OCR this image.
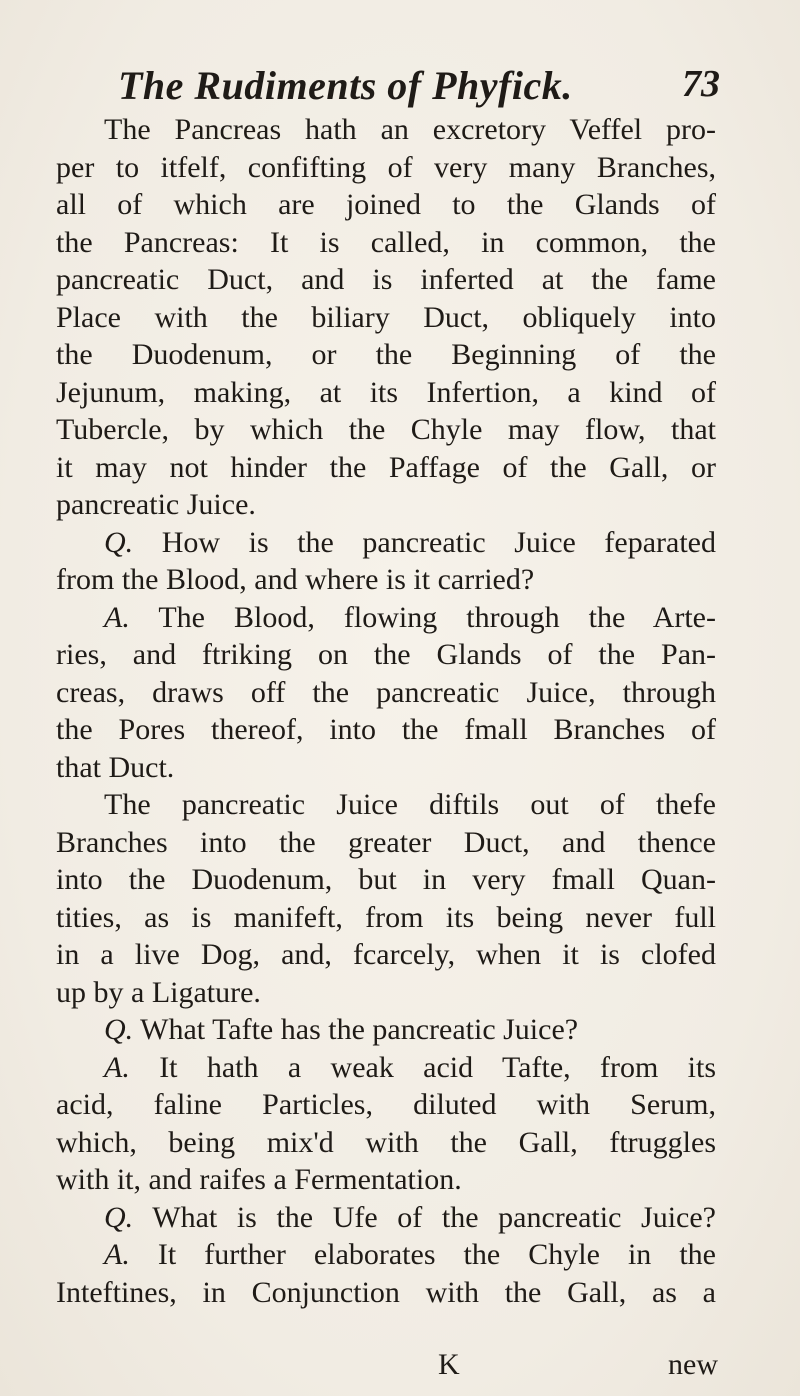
The Rudiments of Phyfick.	73
The Pancreas hath an excretory Veffel pro-
per to itfelf, confifting of very many Branches,
all of which are joined to the Glands of
the Pancreas: It is called, in common, the
pancreatic Duct, and is inferted at the fame
Place with the biliary Duct, obliquely into
the Duodenum, or the Beginning of the
Jejunum, making, at its Infertion, a kind of
Tubercle, by which the Chyle may flow, that
it may not hinder the Paffage of the Gall, or
pancreatic Juice.
Q. How is the pancreatic Juice feparated
from the Blood, and where is it carried?
A. The Blood, flowing through the Arte-
ries, and ftriking on the Glands of the Pan-
creas, draws off the pancreatic Juice, through
the Pores thereof, into the fmall Branches of
that Duct.
The pancreatic Juice diftils out of thefe
Branches into the greater Duct, and thence
into the Duodenum, but in very fmall Quan-
tities, as is manifeft, from its being never full
in a live Dog, and, fcarcely, when it is clofed
up by a Ligature.
Q. What Tafte has the pancreatic Juice?
A. It hath a weak acid Tafte, from its
acid, faline Particles, diluted with Serum,
which, being mix'd with the Gall, ftruggles
with it, and raifes a Fermentation.
Q. What is the Ufe of the pancreatic Juice?
A. It further elaborates the Chyle in the
Inteftines, in Conjunction with the Gall, as a
K	new
